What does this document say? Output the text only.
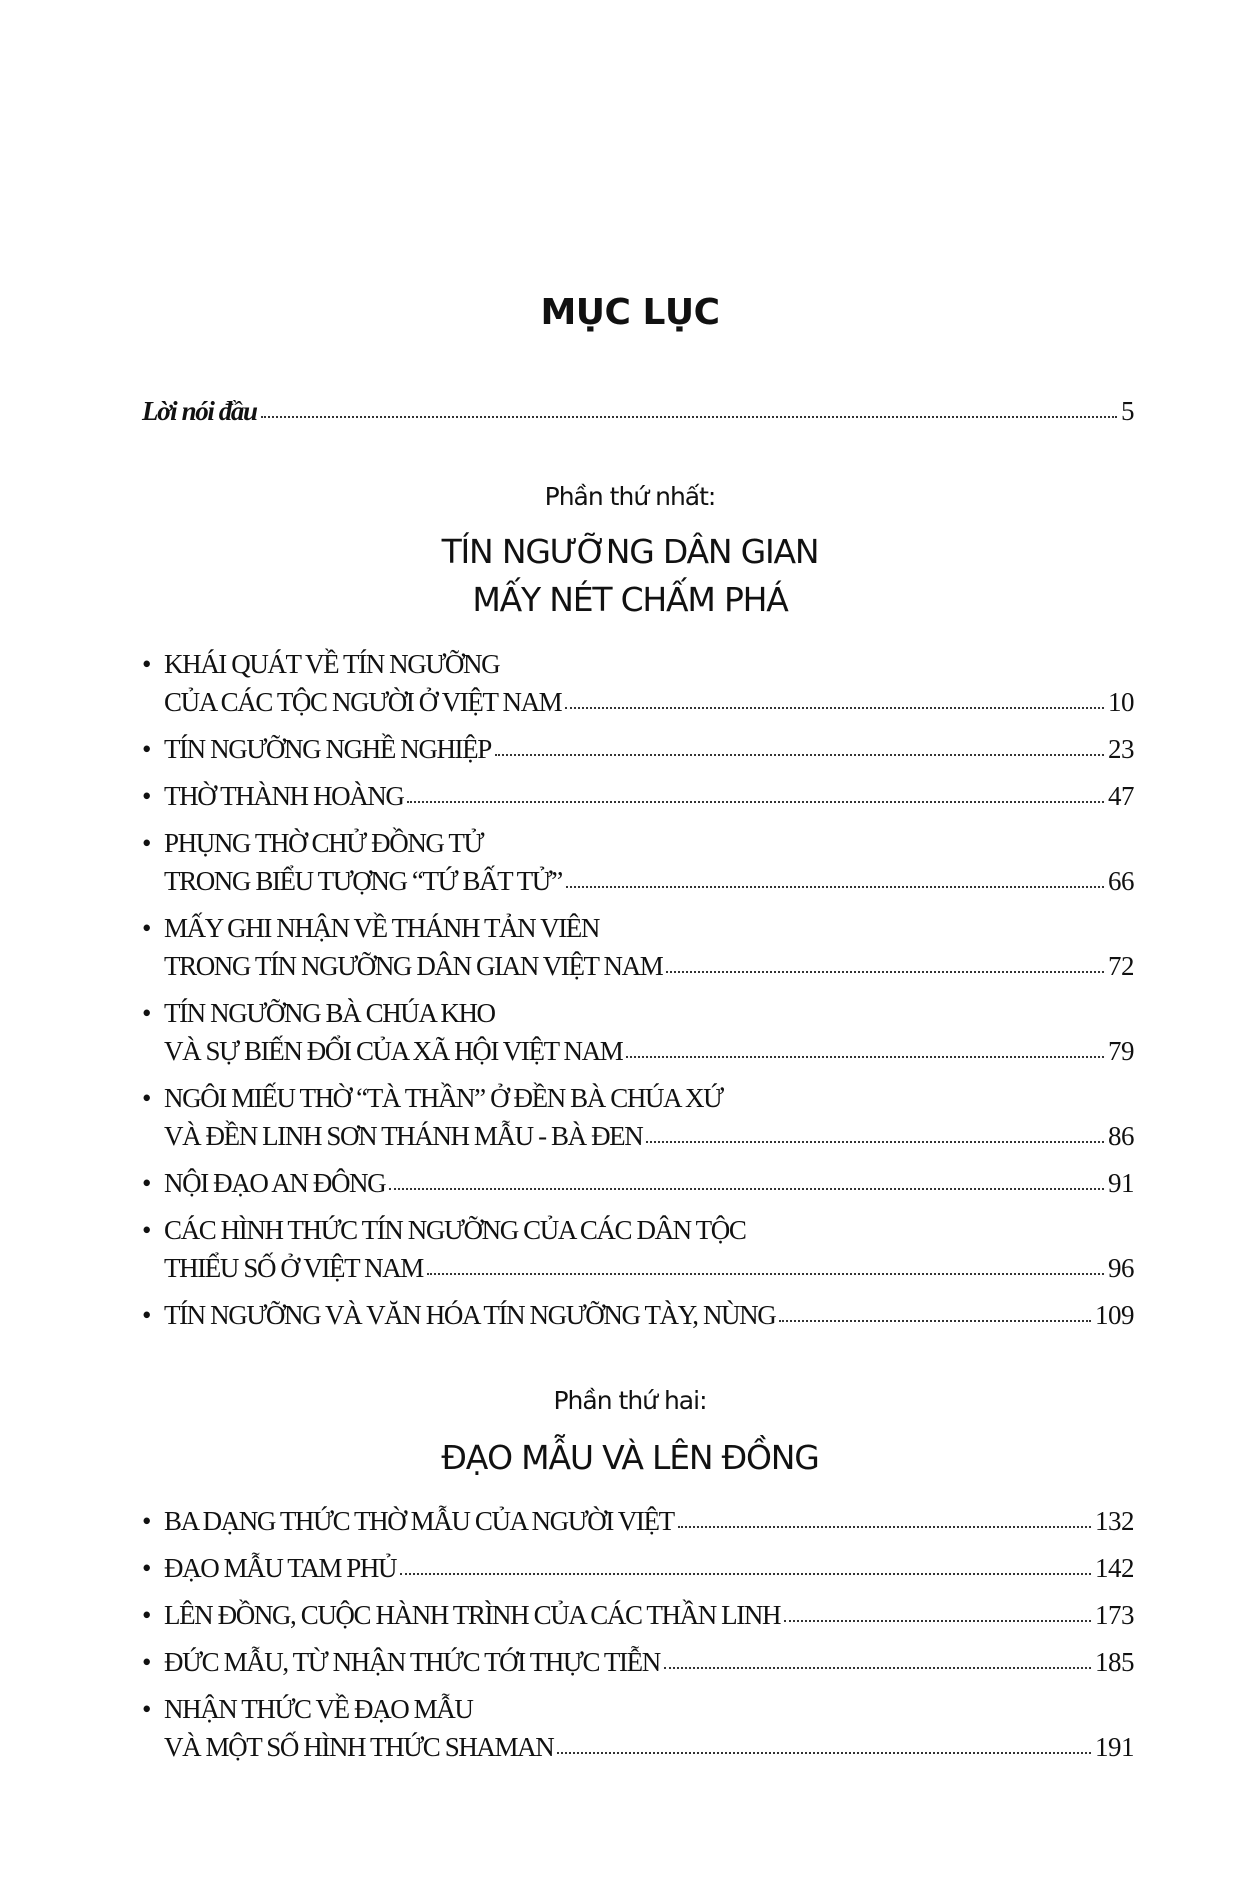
MỤC LỤC
Lời nói đầu	5
Phần thứ nhất:
TÍN NGƯỠNG DÂN GIAN
MẤY NÉT CHẤM PHÁ
Phần thứ hai:
ĐẠO MẪU VÀ LÊN ĐỒNG
• KHÁI QUÁT VỀ TÍN NGƯỠNG
CỦA CÁC TỘC NGƯỜI Ở VIỆT NAM	10
• TÍN NGƯỠNG NGHỀ NGHIỆP	23
• THỜ THÀNH HOÀNG	47
• PHỤNG THỜ CHỬ ĐỒNG TỬ
TRONG BIỂU TƯỢNG “TỨ BẤT TỬ”	66
• MẤY GHI NHẬN VỀ THÁNH TẢN VIÊN
TRONG TÍN NGƯỠNG DÂN GIAN VIỆT NAM	72
• TÍN NGƯỠNG BÀ CHÚA KHO
VÀ SỰ BIẾN ĐỔI CỦA XÃ HỘI VIỆT NAM	79
• NGÔI MIẾU THỜ “TÀ THẦN” Ở ĐỀN BÀ CHÚA XỨ
VÀ ĐỀN LINH SƠN THÁNH MẪU - BÀ ĐEN	86
• NỘI ĐẠO AN ĐÔNG	91
• CÁC HÌNH THỨC TÍN NGƯỠNG CỦA CÁC DÂN TỘC
THIỂU SỐ Ở VIỆT NAM	96
• TÍN NGƯỠNG VÀ VĂN HÓA TÍN NGƯỠNG TÀY, NÙNG	109
• BA DẠNG THỨC THỜ MẪU CỦA NGƯỜI VIỆT	132
• ĐẠO MẪU TAM PHỦ	142
• LÊN ĐỒNG, CUỘC HÀNH TRÌNH CỦA CÁC THẦN LINH	173
• ĐỨC MẪU, TỪ NHẬN THỨC TỚI THỰC TIỄN	185
• NHẬN THỨC VỀ ĐẠO MẪU
VÀ MỘT SỐ HÌNH THỨC SHAMAN	191
